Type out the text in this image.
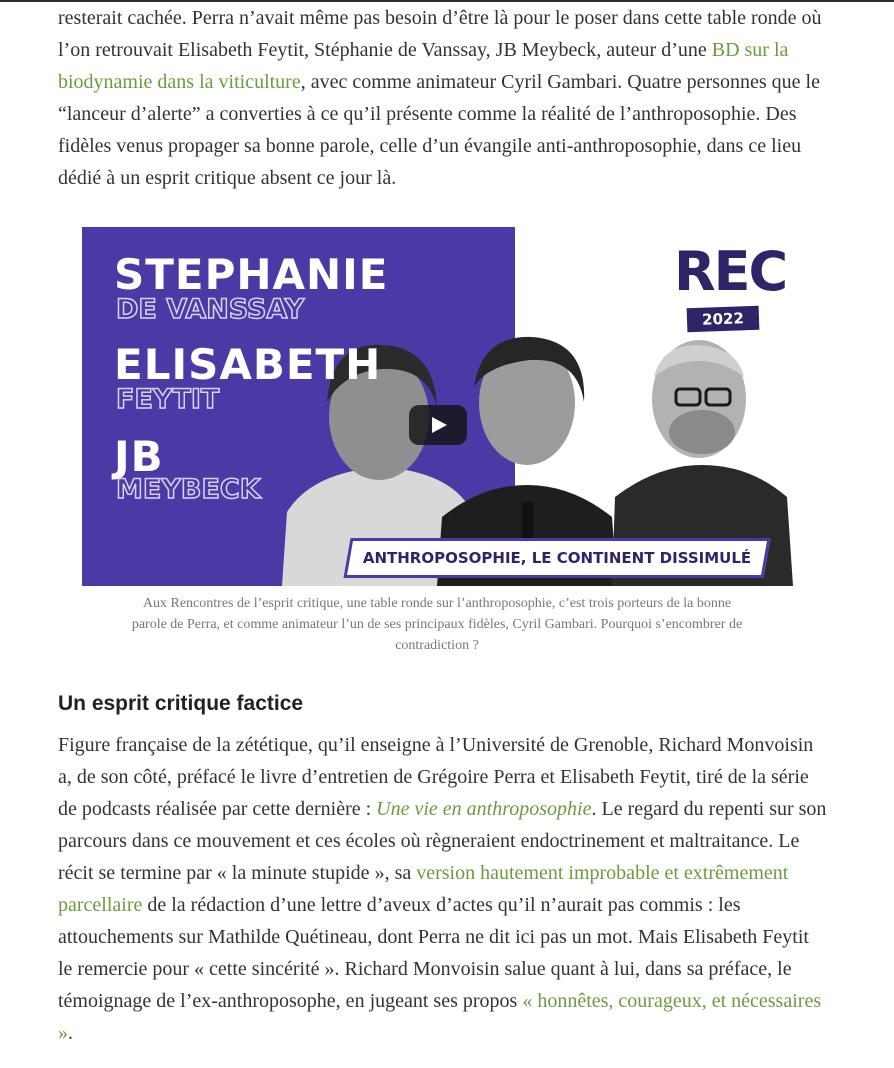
resterait cachée. Perra n’avait même pas besoin d’être là pour le poser dans cette table ronde où l’on retrouvait Elisabeth Feytit, Stéphanie de Vanssay, JB Meybeck, auteur d’une BD sur la biodynamie dans la viticulture, avec comme animateur Cyril Gambari. Quatre personnes que le “lanceur d’alerte” a converties à ce qu’il présente comme la réalité de l’anthroposophie. Des fidèles venus propager sa bonne parole, celle d’un évangile anti-anthroposophie, dans ce lieu dédié à un esprit critique absent ce jour là.

STEPHANIE

DE VANSSAY

ELISABETH

FEYTIT

JB

MEYBECK

REC

2022

ANTHROPOSOPHIE, LE CONTINENT DISSIMULÉ

Aux Rencontres de l’esprit critique, une table ronde sur l’anthroposophie, c’est trois porteurs de la bonne parole de Perra, et comme animateur l’un de ses principaux fidèles, Cyril Gambari. Pourquoi s’encombrer de contradiction ?

Un esprit critique factice

Figure française de la zététique, qu’il enseigne à l’Université de Grenoble, Richard Monvoisin a, de son côté, préfacé le livre d’entretien de Grégoire Perra et Elisabeth Feytit, tiré de la série de podcasts réalisée par cette dernière : Une vie en anthroposophie. Le regard du repenti sur son parcours dans ce mouvement et ces écoles où règneraient endoctrinement et maltraitance. Le récit se termine par « la minute stupide », sa version hautement improbable et extrêmement parcellaire de la rédaction d’une lettre d’aveux d’actes qu’il n’aurait pas commis : les attouchements sur Mathilde Quétineau, dont Perra ne dit ici pas un mot. Mais Elisabeth Feytit le remercie pour « cette sincérité ». Richard Monvoisin salue quant à lui, dans sa préface, le témoignage de l’ex-anthroposophe, en jugeant ses propos « honnêtes, courageux, et nécessaires ».
